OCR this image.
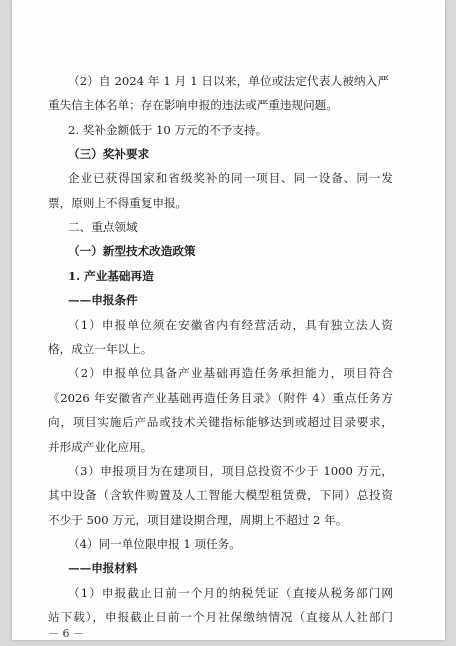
（2）自 2024 年 1 月 1 日以来，单位或法定代表人被纳入严
重失信主体名单；存在影响申报的违法或严重违规问题。
2. 奖补金额低于 10 万元的不予支持。
（三）奖补要求
企业已获得国家和省级奖补的同一项目、同一设备、同一发
票，原则上不得重复申报。
二、重点领域
（一）新型技术改造政策
1. 产业基础再造
——申报条件
（1）申报单位须在安徽省内有经营活动，具有独立法人资
格，成立一年以上。
（2）申报单位具备产业基础再造任务承担能力，项目符合
《2026 年安徽省产业基础再造任务目录》（附件 4）重点任务方
向，项目实施后产品或技术关键指标能够达到或超过目录要求，
并形成产业化应用。
（3）申报项目为在建项目，项目总投资不少于 1000 万元，
其中设备（含软件购置及人工智能大模型租赁费，下同）总投资
不少于 500 万元，项目建设期合理，周期上不超过 2 年。
（4）同一单位限申报 1 项任务。
——申报材料
（1）申报截止日前一个月的纳税凭证（直接从税务部门网
站下载），申报截止日前一个月社保缴纳情况（直接从人社部门
－ 6 －
